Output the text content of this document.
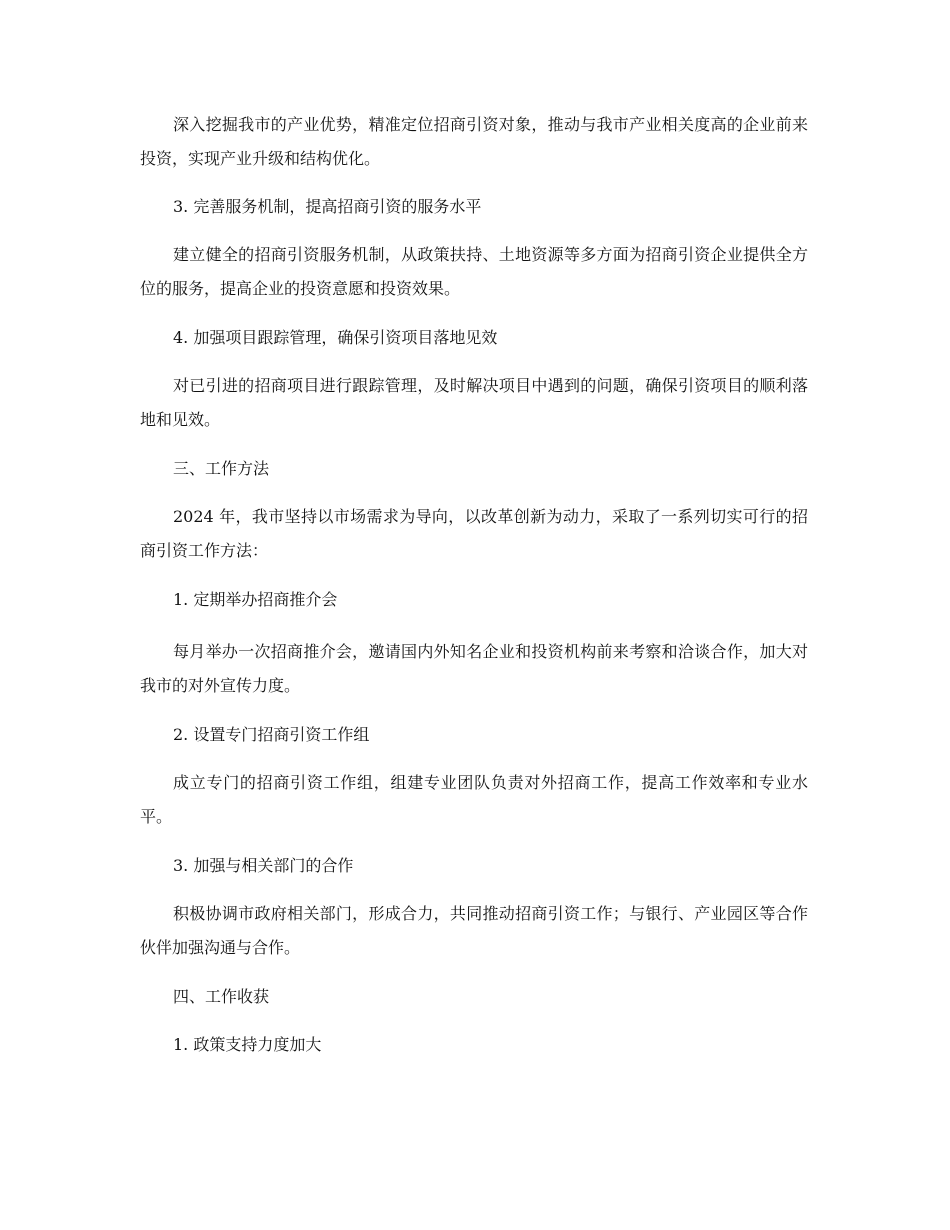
深入挖掘我市的产业优势，精准定位招商引资对象，推动与我市产业相关度高的企业前来投资，实现产业升级和结构优化。

3. 完善服务机制，提高招商引资的服务水平

建立健全的招商引资服务机制，从政策扶持、土地资源等多方面为招商引资企业提供全方位的服务，提高企业的投资意愿和投资效果。

4. 加强项目跟踪管理，确保引资项目落地见效

对已引进的招商项目进行跟踪管理，及时解决项目中遇到的问题，确保引资项目的顺利落地和见效。

三、工作方法

2024 年，我市坚持以市场需求为导向，以改革创新为动力，采取了一系列切实可行的招商引资工作方法：

1. 定期举办招商推介会

每月举办一次招商推介会，邀请国内外知名企业和投资机构前来考察和洽谈合作，加大对我市的对外宣传力度。

2. 设置专门招商引资工作组

成立专门的招商引资工作组，组建专业团队负责对外招商工作，提高工作效率和专业水平。

3. 加强与相关部门的合作

积极协调市政府相关部门，形成合力，共同推动招商引资工作；与银行、产业园区等合作伙伴加强沟通与合作。

四、工作收获

1. 政策支持力度加大
